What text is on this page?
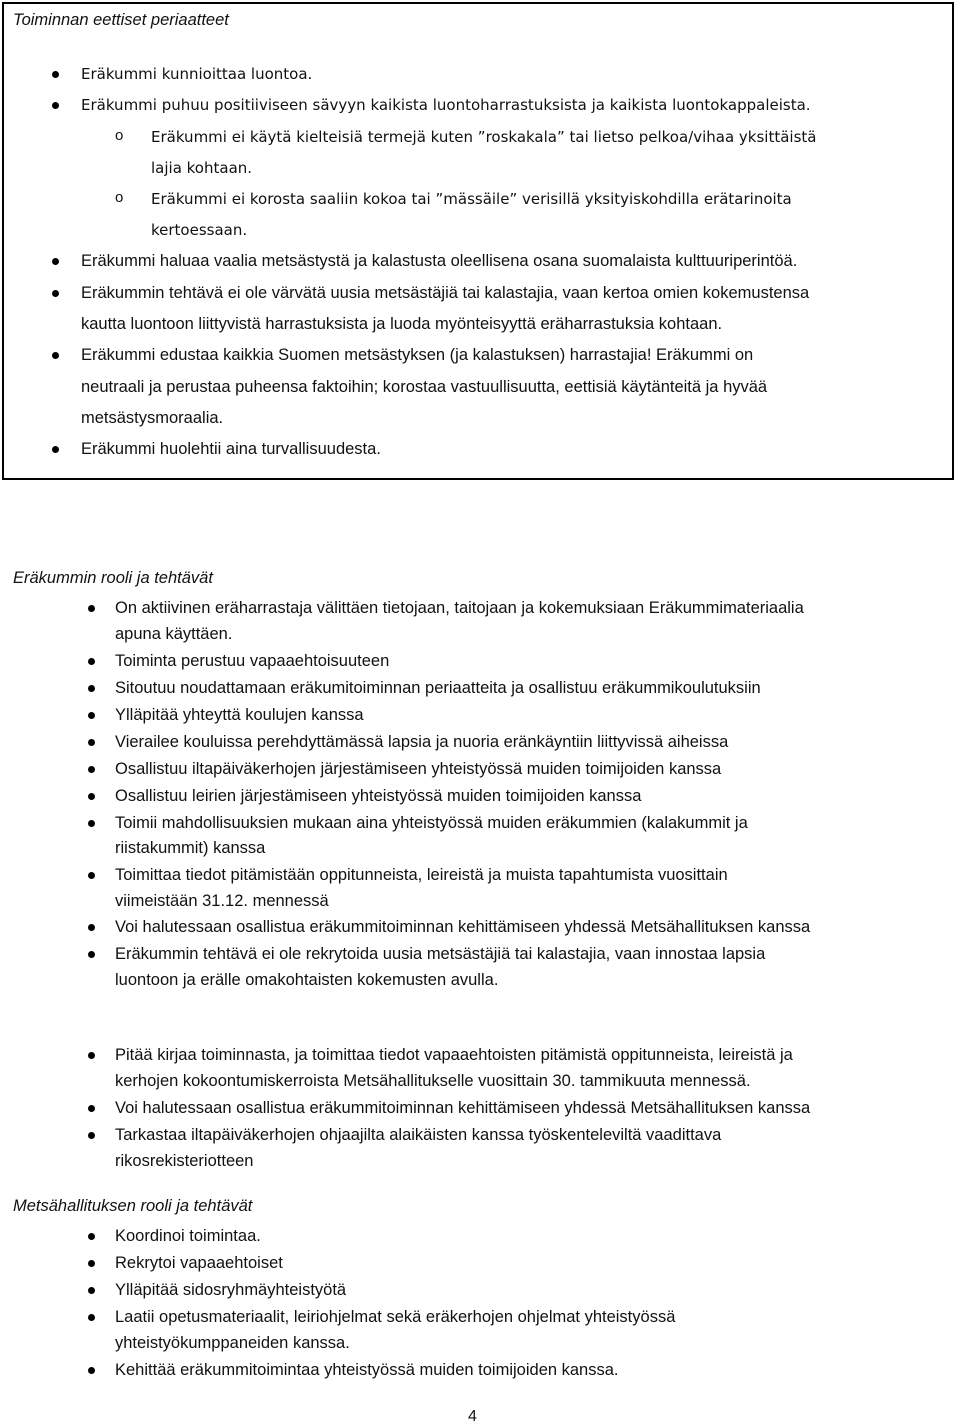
Toiminnan eettiset periaatteet
Eräkummi kunnioittaa luontoa.
Eräkummi puhuu positiiviseen sävyyn kaikista luontoharrastuksista ja kaikista luontokappaleista.
o Eräkummi ei käytä kielteisiä termejä kuten ”roskakala” tai lietso pelkoa/vihaa yksittäistä
lajia kohtaan.
o Eräkummi ei korosta saaliin kokoa tai ”mässäile” verisillä yksityiskohdilla erätarinoita
kertoessaan.
Eräkummi haluaa vaalia metsästystä ja kalastusta oleellisena osana suomalaista kulttuuriperintöä.
Eräkummin tehtävä ei ole värvätä uusia metsästäjiä tai kalastajia, vaan kertoa omien kokemustensa
kautta luontoon liittyvistä harrastuksista ja luoda myönteisyyttä eräharrastuksia kohtaan.
Eräkummi edustaa kaikkia Suomen metsästyksen (ja kalastuksen) harrastajia! Eräkummi on
neutraali ja perustaa puheensa faktoihin; korostaa vastuullisuutta, eettisiä käytänteitä ja hyvää
metsästysmoraalia.
Eräkummi huolehtii aina turvallisuudesta.
Eräkummin rooli ja tehtävät
On aktiivinen eräharrastaja välittäen tietojaan, taitojaan ja kokemuksiaan Eräkummimateriaalia
apuna käyttäen.
Toiminta perustuu vapaaehtoisuuteen
Sitoutuu noudattamaan eräkumitoiminnan periaatteita ja osallistuu eräkummikoulutuksiin
Ylläpitää yhteyttä koulujen kanssa
Vierailee kouluissa perehdyttämässä lapsia ja nuoria eränkäyntiin liittyvissä aiheissa
Osallistuu iltapäiväkerhojen järjestämiseen yhteistyössä muiden toimijoiden kanssa
Osallistuu leirien järjestämiseen yhteistyössä muiden toimijoiden kanssa
Toimii mahdollisuuksien mukaan aina yhteistyössä muiden eräkummien (kalakummit ja
riistakummit) kanssa
Toimittaa tiedot pitämistään oppitunneista, leireistä ja muista tapahtumista vuosittain
viimeistään 31.12. mennessä
Voi halutessaan osallistua eräkummitoiminnan kehittämiseen yhdessä Metsähallituksen kanssa
Eräkummin tehtävä ei ole rekrytoida uusia metsästäjiä tai kalastajia, vaan innostaa lapsia
luontoon ja erälle omakohtaisten kokemusten avulla.
Pitää kirjaa toiminnasta, ja toimittaa tiedot vapaaehtoisten pitämistä oppitunneista, leireistä ja
kerhojen kokoontumiskerroista Metsähallitukselle vuosittain 30. tammikuuta mennessä.
Voi halutessaan osallistua eräkummitoiminnan kehittämiseen yhdessä Metsähallituksen kanssa
Tarkastaa iltapäiväkerhojen ohjaajilta alaikäisten kanssa työskenteleviltä vaadittava
rikosrekisteriotteen
Metsähallituksen rooli ja tehtävät
Koordinoi toimintaa.
Rekrytoi vapaaehtoiset
Ylläpitää sidosryhmäyhteistyötä
Laatii opetusmateriaalit, leiriohjelmat sekä eräkerhojen ohjelmat yhteistyössä
yhteistyökumppaneiden kanssa.
Kehittää eräkummitoimintaa yhteistyössä muiden toimijoiden kanssa.
4
